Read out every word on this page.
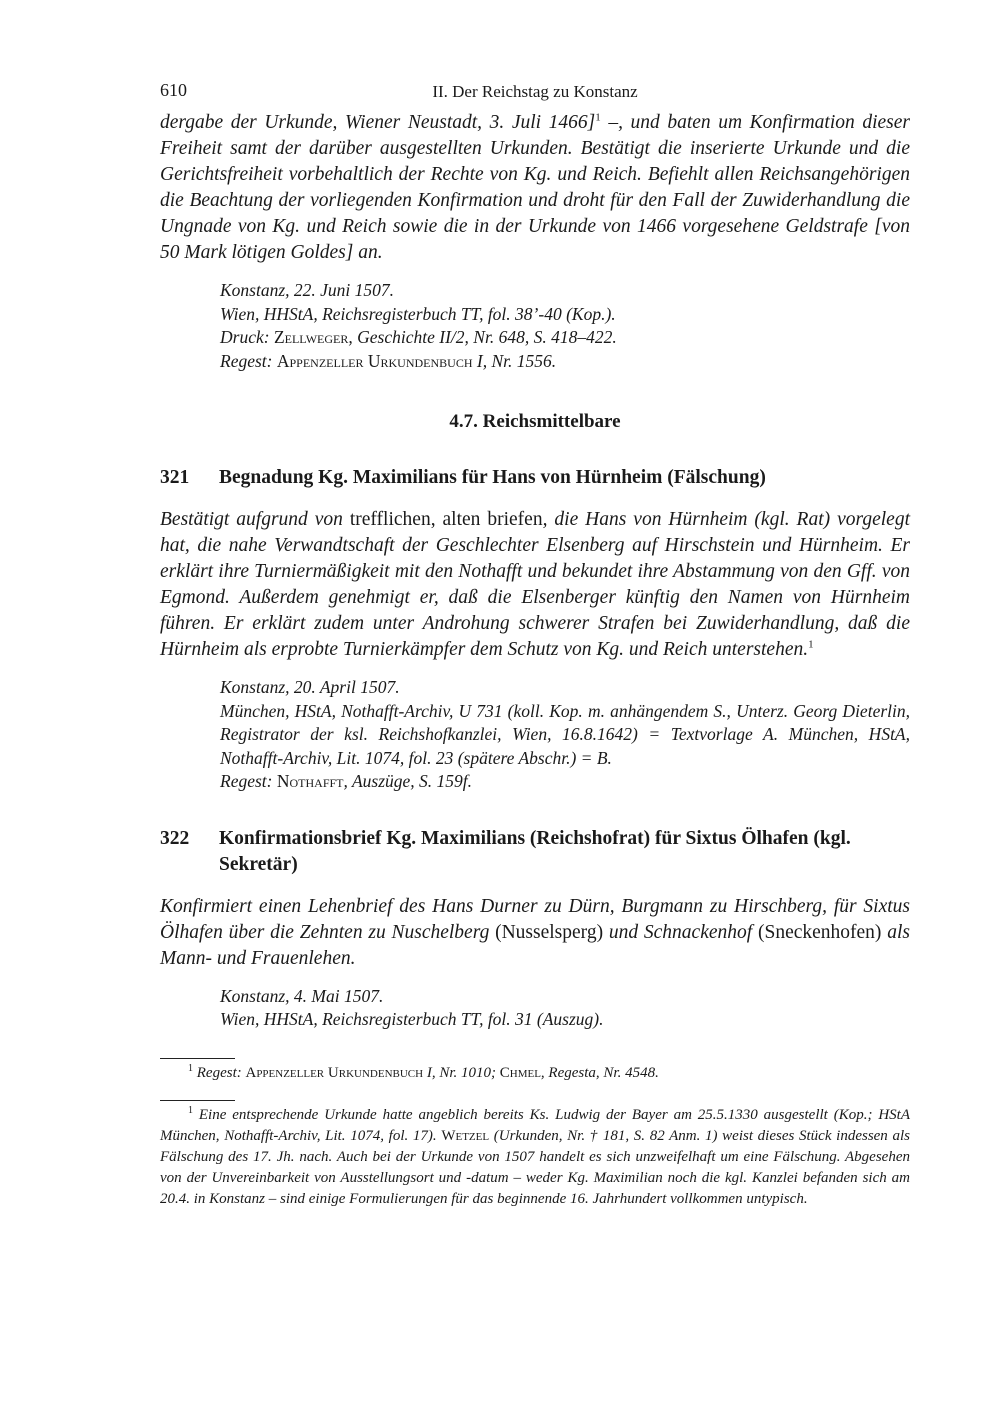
610	II. Der Reichstag zu Konstanz

dergabe der Urkunde, Wiener Neustadt, 3. Juli 1466]$^1$ –, und baten um Konfirmation dieser Freiheit samt der darüber ausgestellten Urkunden. Bestätigt die inserierte Urkunde und die Gerichtsfreiheit vorbehaltlich der Rechte von Kg. und Reich. Befiehlt allen Reichsangehörigen die Beachtung der vorliegenden Konfirmation und droht für den Fall der Zuwiderhandlung die Ungnade von Kg. und Reich sowie die in der Urkunde von 1466 vorgesehene Geldstrafe [von 50 Mark lötigen Goldes] an.

Konstanz, 22. Juni 1507.
Wien, HHStA, Reichsregisterbuch TT, fol. 38’-40 (Kop.).
Druck: Zellweger, Geschichte II/2, Nr. 648, S. 418–422.
Regest: Appenzeller Urkundenbuch I, Nr. 1556.
4.7. Reichsmittelbare
321	Begnadung Kg. Maximilians für Hans von Hürnheim (Fälschung)

Bestätigt aufgrund von trefflichen, alten briefen, die Hans von Hürnheim (kgl. Rat) vorgelegt hat, die nahe Verwandtschaft der Geschlechter Elsenberg auf Hirschstein und Hürnheim. Er erklärt ihre Turniermäßigkeit mit den Nothafft und bekundet ihre Abstammung von den Gff. von Egmond. Außerdem genehmigt er, daß die Elsenberger künftig den Namen von Hürnheim führen. Er erklärt zudem unter Androhung schwerer Strafen bei Zuwiderhandlung, daß die Hürnheim als erprobte Turnierkämpfer dem Schutz von Kg. und Reich unterstehen.$^1$

Konstanz, 20. April 1507.
München, HStA, Nothafft-Archiv, U 731 (koll. Kop. m. anhängendem S., Unterz. Georg Dieterlin, Registrator der ksl. Reichshofkanzlei, Wien, 16.8.1642) = Textvorlage A. München, HStA, Nothafft-Archiv, Lit. 1074, fol. 23 (spätere Abschr.) = B.
Regest: Nothafft, Auszüge, S. 159f.
322	Konfirmationsbrief Kg. Maximilians (Reichshofrat) für Sixtus Ölhafen (kgl. Sekretär)

Konfirmiert einen Lehenbrief des Hans Durner zu Dürn, Burgmann zu Hirschberg, für Sixtus Ölhafen über die Zehnten zu Nuschelberg (Nusselsperg) und Schnackenhof (Sneckenhofen) als Mann- und Frauenlehen.

Konstanz, 4. Mai 1507.
Wien, HHStA, Reichsregisterbuch TT, fol. 31 (Auszug).
$^1$ Regest: Appenzeller Urkundenbuch I, Nr. 1010; Chmel, Regesta, Nr. 4548.
$^1$ Eine entsprechende Urkunde hatte angeblich bereits Ks. Ludwig der Bayer am 25.5.1330 ausgestellt (Kop.; HStA München, Nothafft-Archiv, Lit. 1074, fol. 17). Wetzel (Urkunden, Nr. † 181, S. 82 Anm. 1) weist dieses Stück indessen als Fälschung des 17. Jh. nach. Auch bei der Urkunde von 1507 handelt es sich unzweifelhaft um eine Fälschung. Abgesehen von der Unvereinbarkeit von Ausstellungsort und -datum – weder Kg. Maximilian noch die kgl. Kanzlei befanden sich am 20.4. in Konstanz – sind einige Formulierungen für das beginnende 16. Jahrhundert vollkommen untypisch.
